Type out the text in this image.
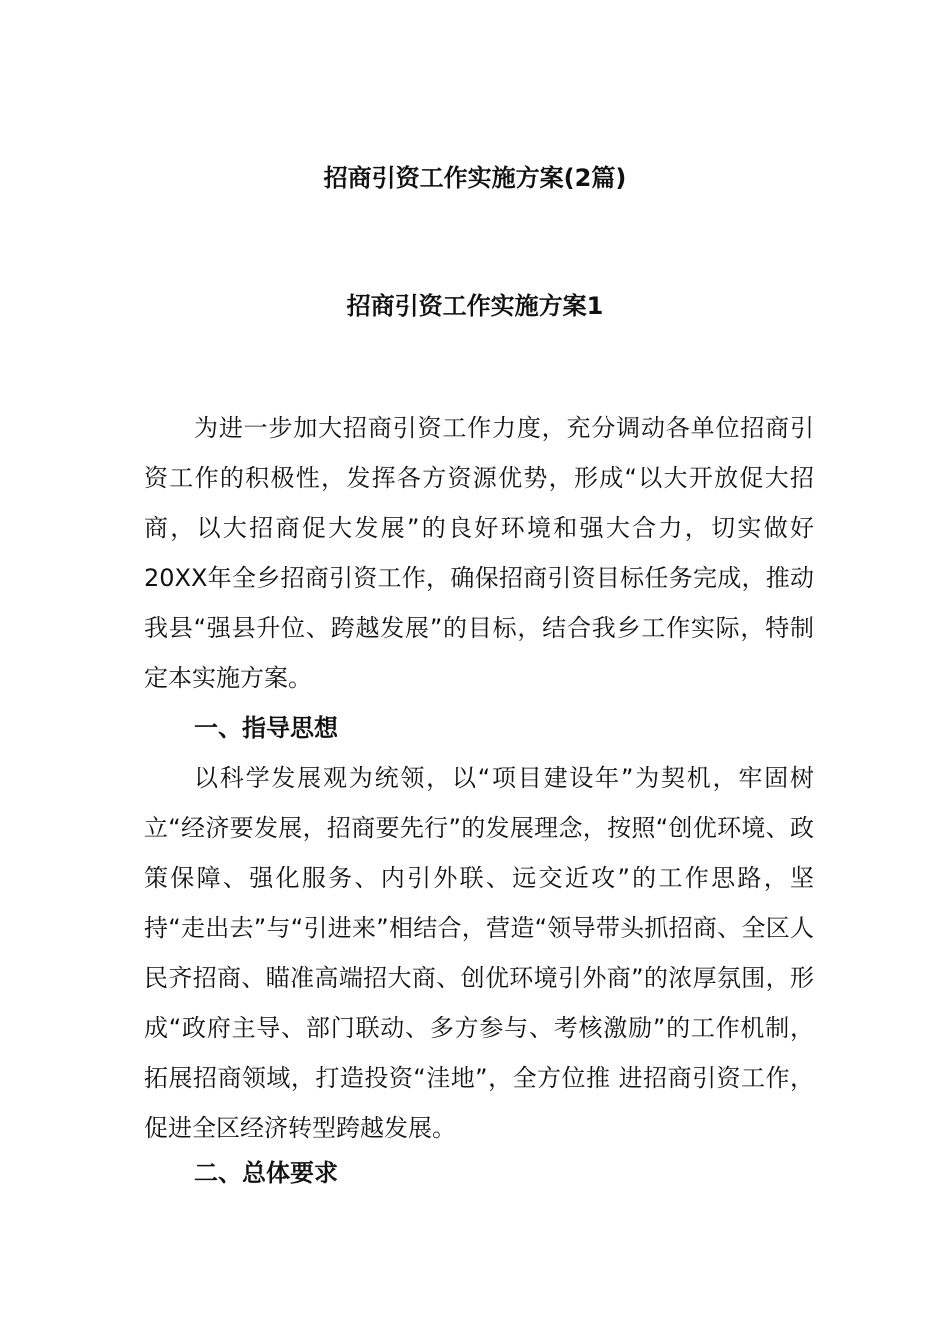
招商引资工作实施方案(2篇)
招商引资工作实施方案1

为进一步加大招商引资工作力度，充分调动各单位招商引资工作的积极性，发挥各方资源优势，形成“以大开放促大招商，以大招商促大发展”的良好环境和强大合力，切实做好20XX年全乡招商引资工作，确保招商引资目标任务完成，推动我县“强县升位、跨越发展”的目标，结合我乡工作实际，特制定本实施方案。

一、指导思想

以科学发展观为统领，以“项目建设年”为契机，牢固树立“经济要发展，招商要先行”的发展理念，按照“创优环境、政策保障、强化服务、内引外联、远交近攻”的工作思路，坚持“走出去”与“引进来”相结合，营造“领导带头抓招商、全区人民齐招商、瞄准高端招大商、创优环境引外商”的浓厚氛围，形成“政府主导、部门联动、多方参与、考核激励”的工作机制，拓展招商领域，打造投资“洼地”，全方位推 进招商引资工作，促进全区经济转型跨越发展。

二、总体要求
